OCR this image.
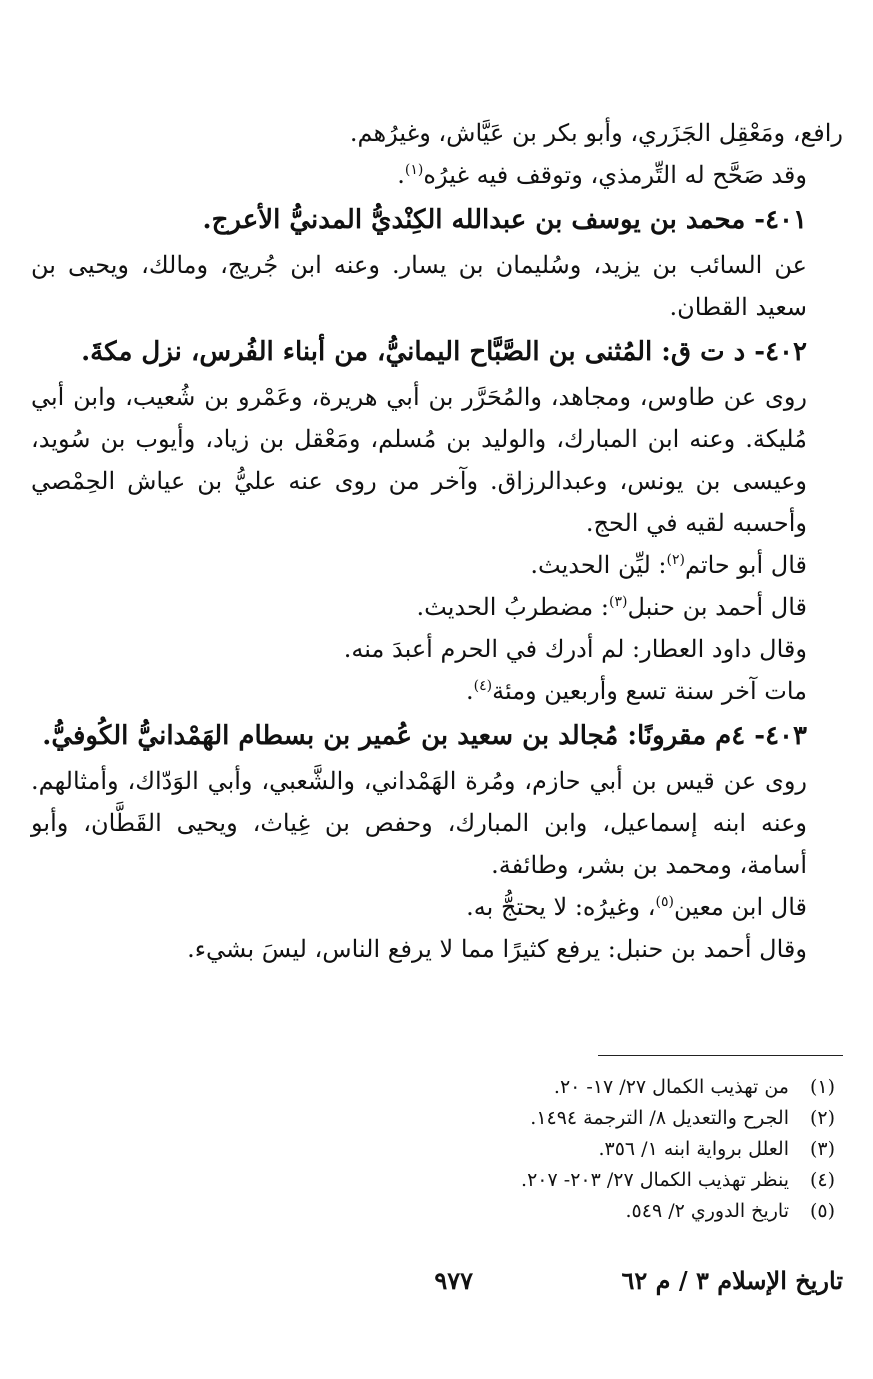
رافع، ومَعْقِل الجَزَري، وأبو بكر بن عَيَّاش، وغيرُهم.

وقد صَحَّح له التِّرمذي، وتوقف فيه غيرُه$^{(١)}$.

٤٠١- محمد بن يوسف بن عبدالله الكِنْديُّ المدنيُّ الأعرج.

عن السائب بن يزيد، وسُليمان بن يسار. وعنه ابن جُريج، ومالك، ويحيى بن سعيد القطان.

٤٠٢- د ت ق: المُثنى بن الصَّبَّاح اليمانيُّ، من أبناء الفُرس، نزل مكةَ.

روى عن طاوس، ومجاهد، والمُحَرَّر بن أبي هريرة، وعَمْرو بن شُعيب، وابن أبي مُليكة. وعنه ابن المبارك، والوليد بن مُسلم، ومَعْقل بن زياد، وأيوب بن سُويد، وعيسى بن يونس، وعبدالرزاق. وآخر من روى عنه عليُّ بن عياش الحِمْصي وأحسبه لقيه في الحج.

قال أبو حاتم$^{(٢)}$: ليِّن الحديث.

قال أحمد بن حنبل$^{(٣)}$: مضطربُ الحديث.

وقال داود العطار: لم أدرك في الحرم أعبدَ منه.

مات آخر سنة تسع وأربعين ومئة$^{(٤)}$.

٤٠٣- ٤م مقرونًا: مُجالد بن سعيد بن عُمير بن بسطام الهَمْدانيُّ الكُوفيُّ.

روى عن قيس بن أبي حازم، ومُرة الهَمْداني، والشَّعبي، وأبي الوَدّاك، وأمثالهم. وعنه ابنه إسماعيل، وابن المبارك، وحفص بن غِياث، ويحيى القَطَّان، وأبو أسامة، ومحمد بن بشر، وطائفة.

قال ابن معين$^{(٥)}$، وغيرُه: لا يحتجُّ به.

وقال أحمد بن حنبل: يرفع كثيرًا مما لا يرفع الناس، ليسَ بشيء.

(١)
من تهذيب الكمال ٢٧/ ١٧- ٢٠.
(٢)
الجرح والتعديل ٨/ الترجمة ١٤٩٤.
(٣)
العلل برواية ابنه ١/ ٣٥٦.
(٤)
ينظر تهذيب الكمال ٢٧/ ٢٠٣- ٢٠٧.
(٥)
تاريخ الدوري ٢/ ٥٤٩.
تاريخ الإسلام ٣ / م ٦٢
٩٧٧
